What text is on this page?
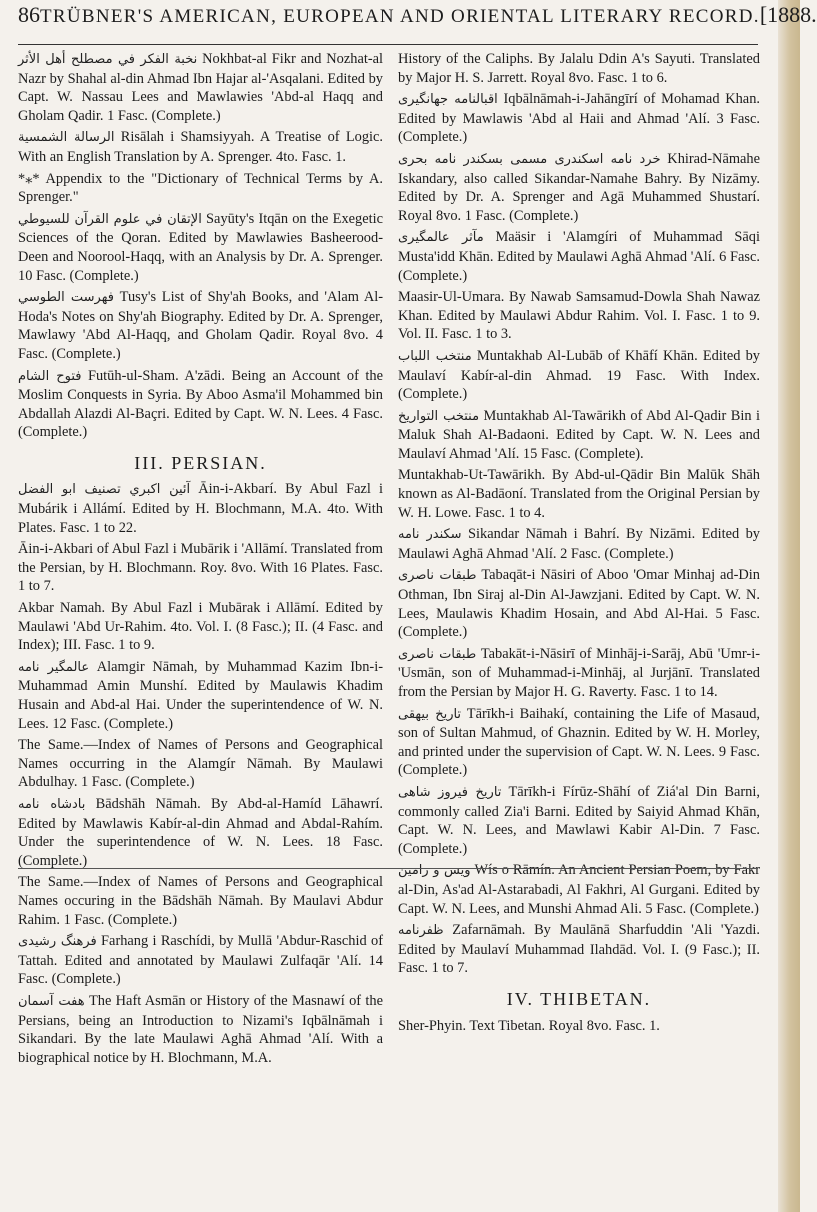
86 TRÜBNER'S AMERICAN, EUROPEAN AND ORIENTAL LITERARY RECORD. [1888.
نخبة الفكر في مصطلح أهل الأثر Nokhbat-al Fikr and Nozhat-al Nazr by Shahal al-din Ahmad Ibn Hajar al-'Asqalani. Edited by Capt. W. Nassau Lees and Mawlawies 'Abd-al Haqq and Gholam Qadir. 1 Fasc. (Complete.)
الرسالة الشمسية Risālah i Shamsiyyah. A Treatise of Logic. With an English Translation by A. Sprenger. 4to. Fasc. 1.
*⁎* Appendix to the "Dictionary of Technical Terms by A. Sprenger."
الإتقان في علوم القرآن للسيوطي Sayūty's Itqān on the Exegetic Sciences of the Qoran. Edited by Mawlawies Basheerood-Deen and Noorool-Haqq, with an Analysis by Dr. A. Sprenger. 10 Fasc. (Complete.)
فهرست الطوسي Tusy's List of Shy'ah Books, and 'Alam Al-Hoda's Notes on Shy'ah Biography. Edited by Dr. A. Sprenger, Mawlawy 'Abd Al-Haqq, and Gholam Qadir. Royal 8vo. 4 Fasc. (Complete.)
فتوح الشام Futūh-ul-Sham. A'zādi. Being an Account of the Moslim Conquests in Syria. By Aboo Asma'il Mohammed bin Abdallah Alazdi Al-Baçri. Edited by Capt. W. N. Lees. 4 Fasc. (Complete.)
III. PERSIAN.
آئين اكبري تصنيف ابو الفضل Āin-i-Akbarí. By Abul Fazl i Mubárik i Allámí. Edited by H. Blochmann, M.A. 4to. With Plates. Fasc. 1 to 22.
Āin-i-Akbari of Abul Fazl i Mubārik i 'Allāmí. Translated from the Persian, by H. Blochmann. Roy. 8vo. With 16 Plates. Fasc. 1 to 7.
Akbar Namah. By Abul Fazl i Mubārak i Allāmí. Edited by Maulawi 'Abd Ur-Rahim. 4to. Vol. I. (8 Fasc.); II. (4 Fasc. and Index); III. Fasc. 1 to 9.
عالمگیر نامه Alamgir Nāmah, by Muhammad Kazim Ibn-i-Muhammad Amin Munshí. Edited by Maulawis Khadim Husain and Abd-al Hai. Under the superintendence of W. N. Lees. 12 Fasc. (Complete.)
The Same.—Index of Names of Persons and Geographical Names occurring in the Alamgír Nāmah. By Maulawi Abdulhay. 1 Fasc. (Complete.)
بادشاه نامه Bādshāh Nāmah. By Abd-al-Hamíd Lāhawrí. Edited by Mawlawis Kabír-al-din Ahmad and Abdal-Rahím. Under the superintendence of W. N. Lees. 18 Fasc. (Complete.)
The Same.—Index of Names of Persons and Geographical Names occuring in the Bādshāh Nāmah. By Maulavi Abdur Rahim. 1 Fasc. (Complete.)
فرهنگ رشیدی Farhang i Raschídi, by Mullā 'Abdur-Raschid of Tattah. Edited and annotated by Maulawi Zulfaqār 'Alí. 14 Fasc. (Complete.)
هفت آسمان The Haft Asmān or History of the Masnawí of the Persians, being an Introduction to Nizami's Iqbālnāmah i Sikandari. By the late Maulawi Aghā Ahmad 'Alí. With a biographical notice by H. Blochmann, M.A.
History of the Caliphs. By Jalalu Ddin A's Sayuti. Translated by Major H. S. Jarrett. Royal 8vo. Fasc. 1 to 6.
اقبالنامه جهانگیری Iqbālnāmah-i-Jahāngīrí of Mohamad Khan. Edited by Mawlawis 'Abd al Haii and Ahmad 'Alí. 3 Fasc. (Complete.)
خرد نامه اسکندری مسمی بسکندر نامه بحری Khirad-Nāmahe Iskandary, also called Sikandar-Namahe Bahry. By Nizāmy. Edited by Dr. A. Sprenger and Agā Muhammed Shustarí. Royal 8vo. 1 Fasc. (Complete.)
مآثر عالمگیری Maäsir i 'Alamgíri of Muhammad Sāqi Musta'idd Khān. Edited by Maulawi Aghā Ahmad 'Alí. 6 Fasc. (Complete.)
Maasir-Ul-Umara. By Nawab Samsamud-Dowla Shah Nawaz Khan. Edited by Maulawi Abdur Rahim. Vol. I. Fasc. 1 to 9. Vol. II. Fasc. 1 to 3.
منتخب اللباب Muntakhab Al-Lubāb of Khāfí Khān. Edited by Maulaví Kabír-al-din Ahmad. 19 Fasc. With Index. (Complete.)
منتخب التواریخ Muntakhab Al-Tawārikh of Abd Al-Qadir Bin i Maluk Shah Al-Badaoni. Edited by Capt. W. N. Lees and Maulaví Ahmad 'Alí. 15 Fasc. (Complete).
Muntakhab-Ut-Tawārikh. By Abd-ul-Qādir Bin Malūk Shāh known as Al-Badāoní. Translated from the Original Persian by W. H. Lowe. Fasc. 1 to 4.
سکندر نامه Sikandar Nāmah i Bahrí. By Nizāmi. Edited by Maulawi Aghā Ahmad 'Alí. 2 Fasc. (Complete.)
طبقات ناصری Tabaqāt-i Nāsiri of Aboo 'Omar Minhaj ad-Din Othman, Ibn Siraj al-Din Al-Jawzjani. Edited by Capt. W. N. Lees, Maulawis Khadim Hosain, and Abd Al-Hai. 5 Fasc. (Complete.)
طبقات ناصری Tabakāt-i-Nāsirī of Minhāj-i-Sarāj, Abū 'Umr-i-'Usmān, son of Muhammad-i-Minhāj, al Jurjānī. Translated from the Persian by Major H. G. Raverty. Fasc. 1 to 14.
تاریخ بیهقی Tārīkh-i Baihakí, containing the Life of Masaud, son of Sultan Mahmud, of Ghaznin. Edited by W. H. Morley, and printed under the supervision of Capt. W. N. Lees. 9 Fasc. (Complete.)
تاریخ فیروز شاهی Tārīkh-i Fírūz-Shāhí of Ziá'al Din Barni, commonly called Zia'i Barni. Edited by Saiyid Ahmad Khān, Capt. W. N. Lees, and Mawlawi Kabir Al-Din. 7 Fasc. (Complete.)
ویس و رامین Wís o Rāmín. An Ancient Persian Poem, by Fakr al-Din, As'ad Al-Astarabadi, Al Fakhri, Al Gurgani. Edited by Capt. W. N. Lees, and Munshi Ahmad Ali. 5 Fasc. (Complete.)
ظفرنامه Zafarnāmah. By Maulānā Sharfuddin 'Ali 'Yazdi. Edited by Maulaví Muhammad Ilahdād. Vol. I. (9 Fasc.); II. Fasc. 1 to 7.
IV. THIBETAN.
Sher-Phyin. Text Tibetan. Royal 8vo. Fasc. 1.
